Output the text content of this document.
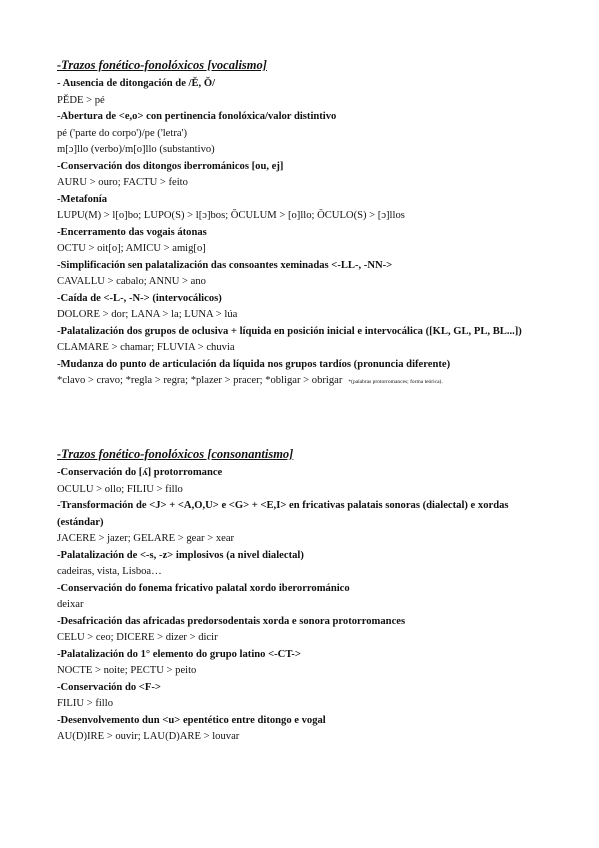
-Trazos fonético-fonolóxicos [vocalismo]
- Ausencia de ditongación de /Ĕ, Ŏ/
PĔDE > pé
-Abertura de <e,o> con pertinencia fonolóxica/valor distintivo
pé ('parte do corpo')/pe ('letra')
m[ɔ]llo (verbo)/m[o]llo (substantivo)
-Conservación dos ditongos iberrománicos [ou, ej]
AURU > ouro; FACTU > feito
-Metafonía
LUPU(M) > l[o]bo; LUPO(S) > l[ɔ]bos; ŎCULUM > [o]llo; ŎCULO(S) > [ɔ]llos
-Encerramento das vogais átonas
OCTU > oit[o]; AMICU > amig[o]
-Simplificación sen palatalización das consoantes xeminadas <-LL-, -NN->
CAVALLU > cabalo; ANNU > ano
-Caída de <-L-, -N-> (intervocálicos)
DOLORE > dor; LANA > la; LUNA > lúa
-Palatalización dos grupos de oclusiva + líquida en posición inicial e intervocálica ([KL, GL, PL, BL...])
CLAMARE > chamar; FLUVIA > chuvia
-Mudanza do punto de articulación da líquida nos grupos tardíos (pronuncia diferente)
*clavo > cravo; *regla > regra; *plazer > pracer; *obligar > obrigar *(palabras protorromances; forma teórica).
-Trazos fonético-fonolóxicos [consonantismo]
-Conservación do [ʎ] protorromance
OCULU > ollo; FILIU > fillo
-Transformación de <J> + <A,O,U> e <G> + <E,I> en fricativas palatais sonoras (dialectal) e xordas (estándar)
JACERE > jazer; GELARE > gear > xear
-Palatalización de <-s, -z> implosivos (a nivel dialectal)
cadeiras, vista, Lisboa…
-Conservación do fonema fricativo palatal xordo iberorrománico
deixar
-Desafricación das africadas predorsodentais xorda e sonora protorromances
CELU > ceo; DICERE > dizer > dicir
-Palatalización do 1° elemento do grupo latino <-CT->
NOCTE > noite; PECTU > peito
-Conservación do <F->
FILIU > fillo
-Desenvolvemento dun <u> epentético entre ditongo e vogal
AU(D)IRE > ouvir; LAU(D)ARE > louvar
